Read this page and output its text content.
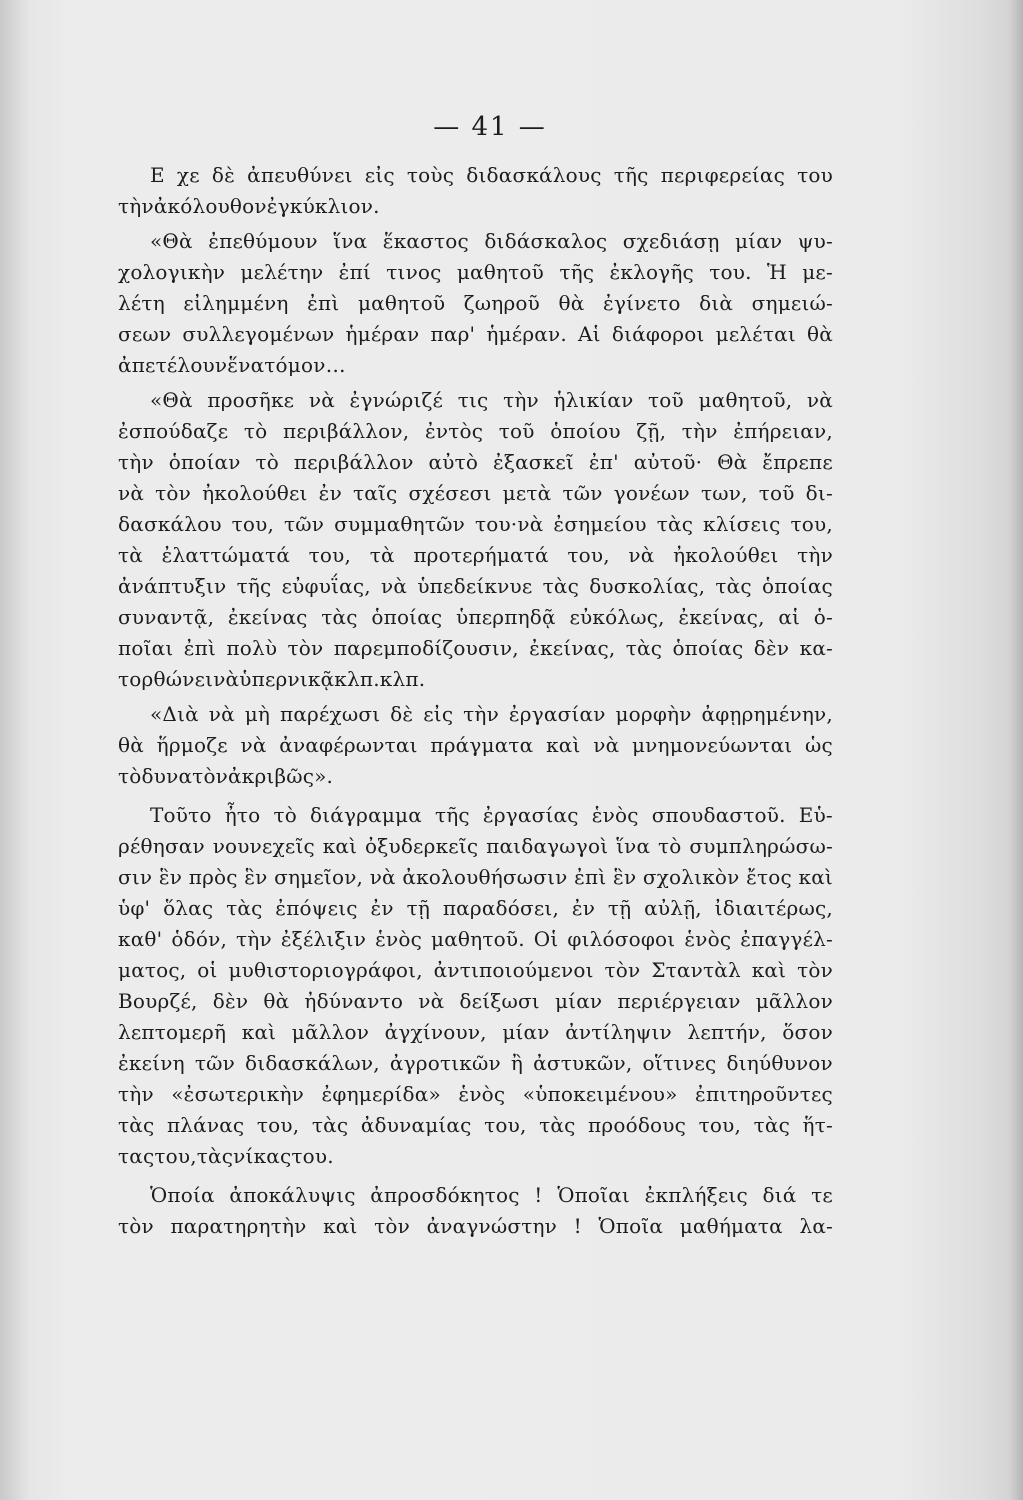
— 41 —
Ε χε δὲ ἀπευθύνει εἰς τοὺς διδασκάλους τῆς περιφερείας του
τὴν ἀκόλουθον ἐγκύκλιον.
«Θὰ ἐπεθύμουν ἵνα ἕκαστος διδάσκαλος σχεδιάσῃ μίαν ψυ-
χολογικὴν μελέτην ἐπί τινος μαθητοῦ τῆς ἐκλογῆς του. Ἡ με-
λέτη εἰλημμένη ἐπὶ μαθητοῦ ζωηροῦ θὰ ἐγίνετο διὰ σημειώ-
σεων συλλεγομένων ἡμέραν παρ' ἡμέραν. Αἱ διάφοροι μελέται θὰ
ἀπετέλουν ἕνα τόμον…
«Θὰ προσῆκε νὰ ἐγνώριζέ τις τὴν ἡλικίαν τοῦ μαθητοῦ, νὰ
ἐσπούδαζε τὸ περιβάλλον, ἐντὸς τοῦ ὁποίου ζῇ, τὴν ἐπήρειαν,
τὴν ὁποίαν τὸ περιβάλλον αὐτὸ ἐξασκεῖ ἐπ' αὐτοῦ· Θὰ ἔπρεπε
νὰ τὸν ἠκολούθει ἐν ταῖς σχέσεσι μετὰ τῶν γονέων των, τοῦ δι-
δασκάλου του, τῶν συμμαθητῶν του·νὰ ἐσημείου τὰς κλίσεις του,
τὰ ἐλαττώματά του, τὰ προτερήματά του, νὰ ἠκολούθει τὴν
ἀνάπτυξιν τῆς εὐφυΐας, νὰ ὑπεδείκνυε τὰς δυσκολίας, τὰς ὁποίας
συναντᾷ, ἐκείνας τὰς ὁποίας ὑπερπηδᾷ εὐκόλως, ἐκείνας, αἱ ὁ-
ποῖαι ἐπὶ πολὺ τὸν παρεμποδίζουσιν, ἐκείνας, τὰς ὁποίας δὲν κα-
τορθώνει νὰ ὑπερνικᾷ κλπ. κλπ.
«Διὰ νὰ μὴ παρέχωσι δὲ εἰς τὴν ἐργασίαν μορφὴν ἀφῃρημένην,
θὰ ἥρμοζε νὰ ἀναφέρωνται πράγματα καὶ νὰ μνημονεύωνται ὡς
τὸ δυνατὸν ἀκριβῶς».
Τοῦτο ἦτο τὸ διάγραμμα τῆς ἐργασίας ἑνὸς σπουδαστοῦ. Εὑ-
ρέθησαν νουνεχεῖς καὶ ὀξυδερκεῖς παιδαγωγοὶ ἵνα τὸ συμπληρώσω-
σιν ἓν πρὸς ἓν σημεῖον, νὰ ἀκολουθήσωσιν ἐπὶ ἓν σχολικὸν ἔτος καὶ
ὑφ' ὅλας τὰς ἐπόψεις ἐν τῇ παραδόσει, ἐν τῇ αὐλῇ, ἰδιαιτέρως,
καθ' ὁδόν, τὴν ἐξέλιξιν ἑνὸς μαθητοῦ. Οἱ φιλόσοφοι ἑνὸς ἐπαγγέλ-
ματος, οἱ μυθιστοριογράφοι, ἀντιποιούμενοι τὸν Σταντὰλ καὶ τὸν
Βουρζέ, δὲν θὰ ἠδύναντο νὰ δείξωσι μίαν περιέργειαν μᾶλλον
λεπτομερῆ καὶ μᾶλλον ἀγχίνουν, μίαν ἀντίληψιν λεπτήν, ὅσον
ἐκείνη τῶν διδασκάλων, ἀγροτικῶν ἢ ἀστυκῶν, οἵτινες διηύθυνον
τὴν «ἐσωτερικὴν ἐφημερίδα» ἑνὸς «ὑποκειμένου» ἐπιτηροῦντες
τὰς πλάνας του, τὰς ἀδυναμίας του, τὰς προόδους του, τὰς ἥτ-
τας του, τὰς νίκας του.
Ὁποία ἀποκάλυψις ἀπροσδόκητος ! Ὁποῖαι ἐκπλήξεις διά τε
τὸν παρατηρητὴν καὶ τὸν ἀναγνώστην ! Ὁποῖα μαθήματα λα-
